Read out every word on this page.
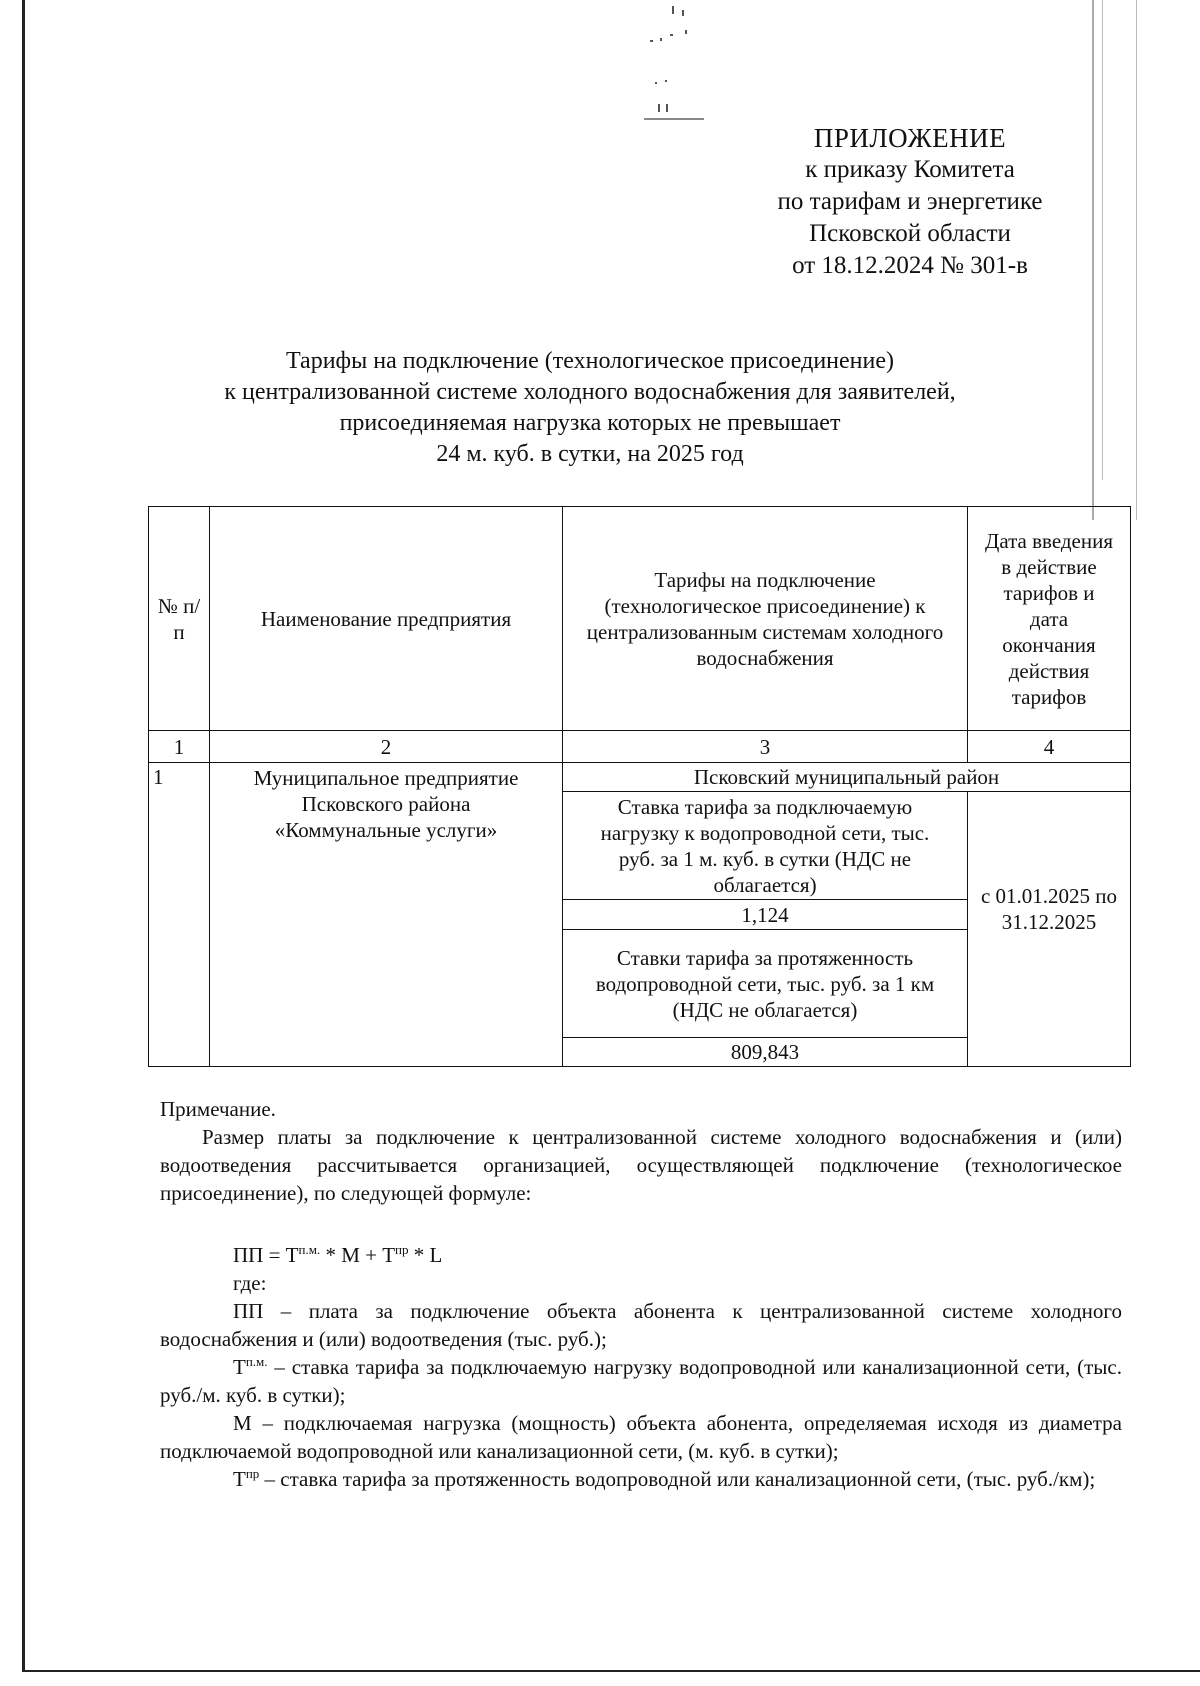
ПРИЛОЖЕНИЕ
к приказу Комитета
по тарифам и энергетике
Псковской области
от 18.12.2024 № 301-в
Тарифы на подключение (технологическое присоединение)
к централизованной системе холодного водоснабжения для заявителей,
присоединяемая нагрузка которых не превышает
24 м. куб. в сутки, на 2025 год
№ п/п	Наименование предприятия	Тарифы на подключение (технологическое присоединение) к централизованным системам холодного водоснабжения	Дата введения в действие тарифов и дата окончания действия тарифов
1	2	3	4
1	Муниципальное предприятие Псковского района «Коммунальные услуги»	Псковский муниципальный район	
		Ставка тарифа за подключаемую нагрузку к водопроводной сети, тыс. руб. за 1 м. куб. в сутки (НДС не облагается)	с 01.01.2025 по 31.12.2025
		1,124	
		Ставки тарифа за протяженность водопроводной сети, тыс. руб. за 1 км (НДС не облагается)	
		809,843	

Примечание.

Размер платы за подключение к централизованной системе холодного водоснабжения и (или) водоотведения рассчитывается организацией, осуществляющей подключение (технологическое присоединение), по следующей формуле:

ПП = $Т^{п.м.} * М + Т^{пр} * L$

где:

ПП – плата за подключение объекта абонента к централизованной системе холодного водоснабжения и (или) водоотведения (тыс. руб.);

$Т^{п.м.}$ – ставка тарифа за подключаемую нагрузку водопроводной или канализационной сети, (тыс. руб./м. куб. в сутки);

М – подключаемая нагрузка (мощность) объекта абонента, определяемая исходя из диаметра подключаемой водопроводной или канализационной сети, (м. куб. в сутки);

$Т^{пр}$ – ставка тарифа за протяженность водопроводной или канализационной сети, (тыс. руб./км);
